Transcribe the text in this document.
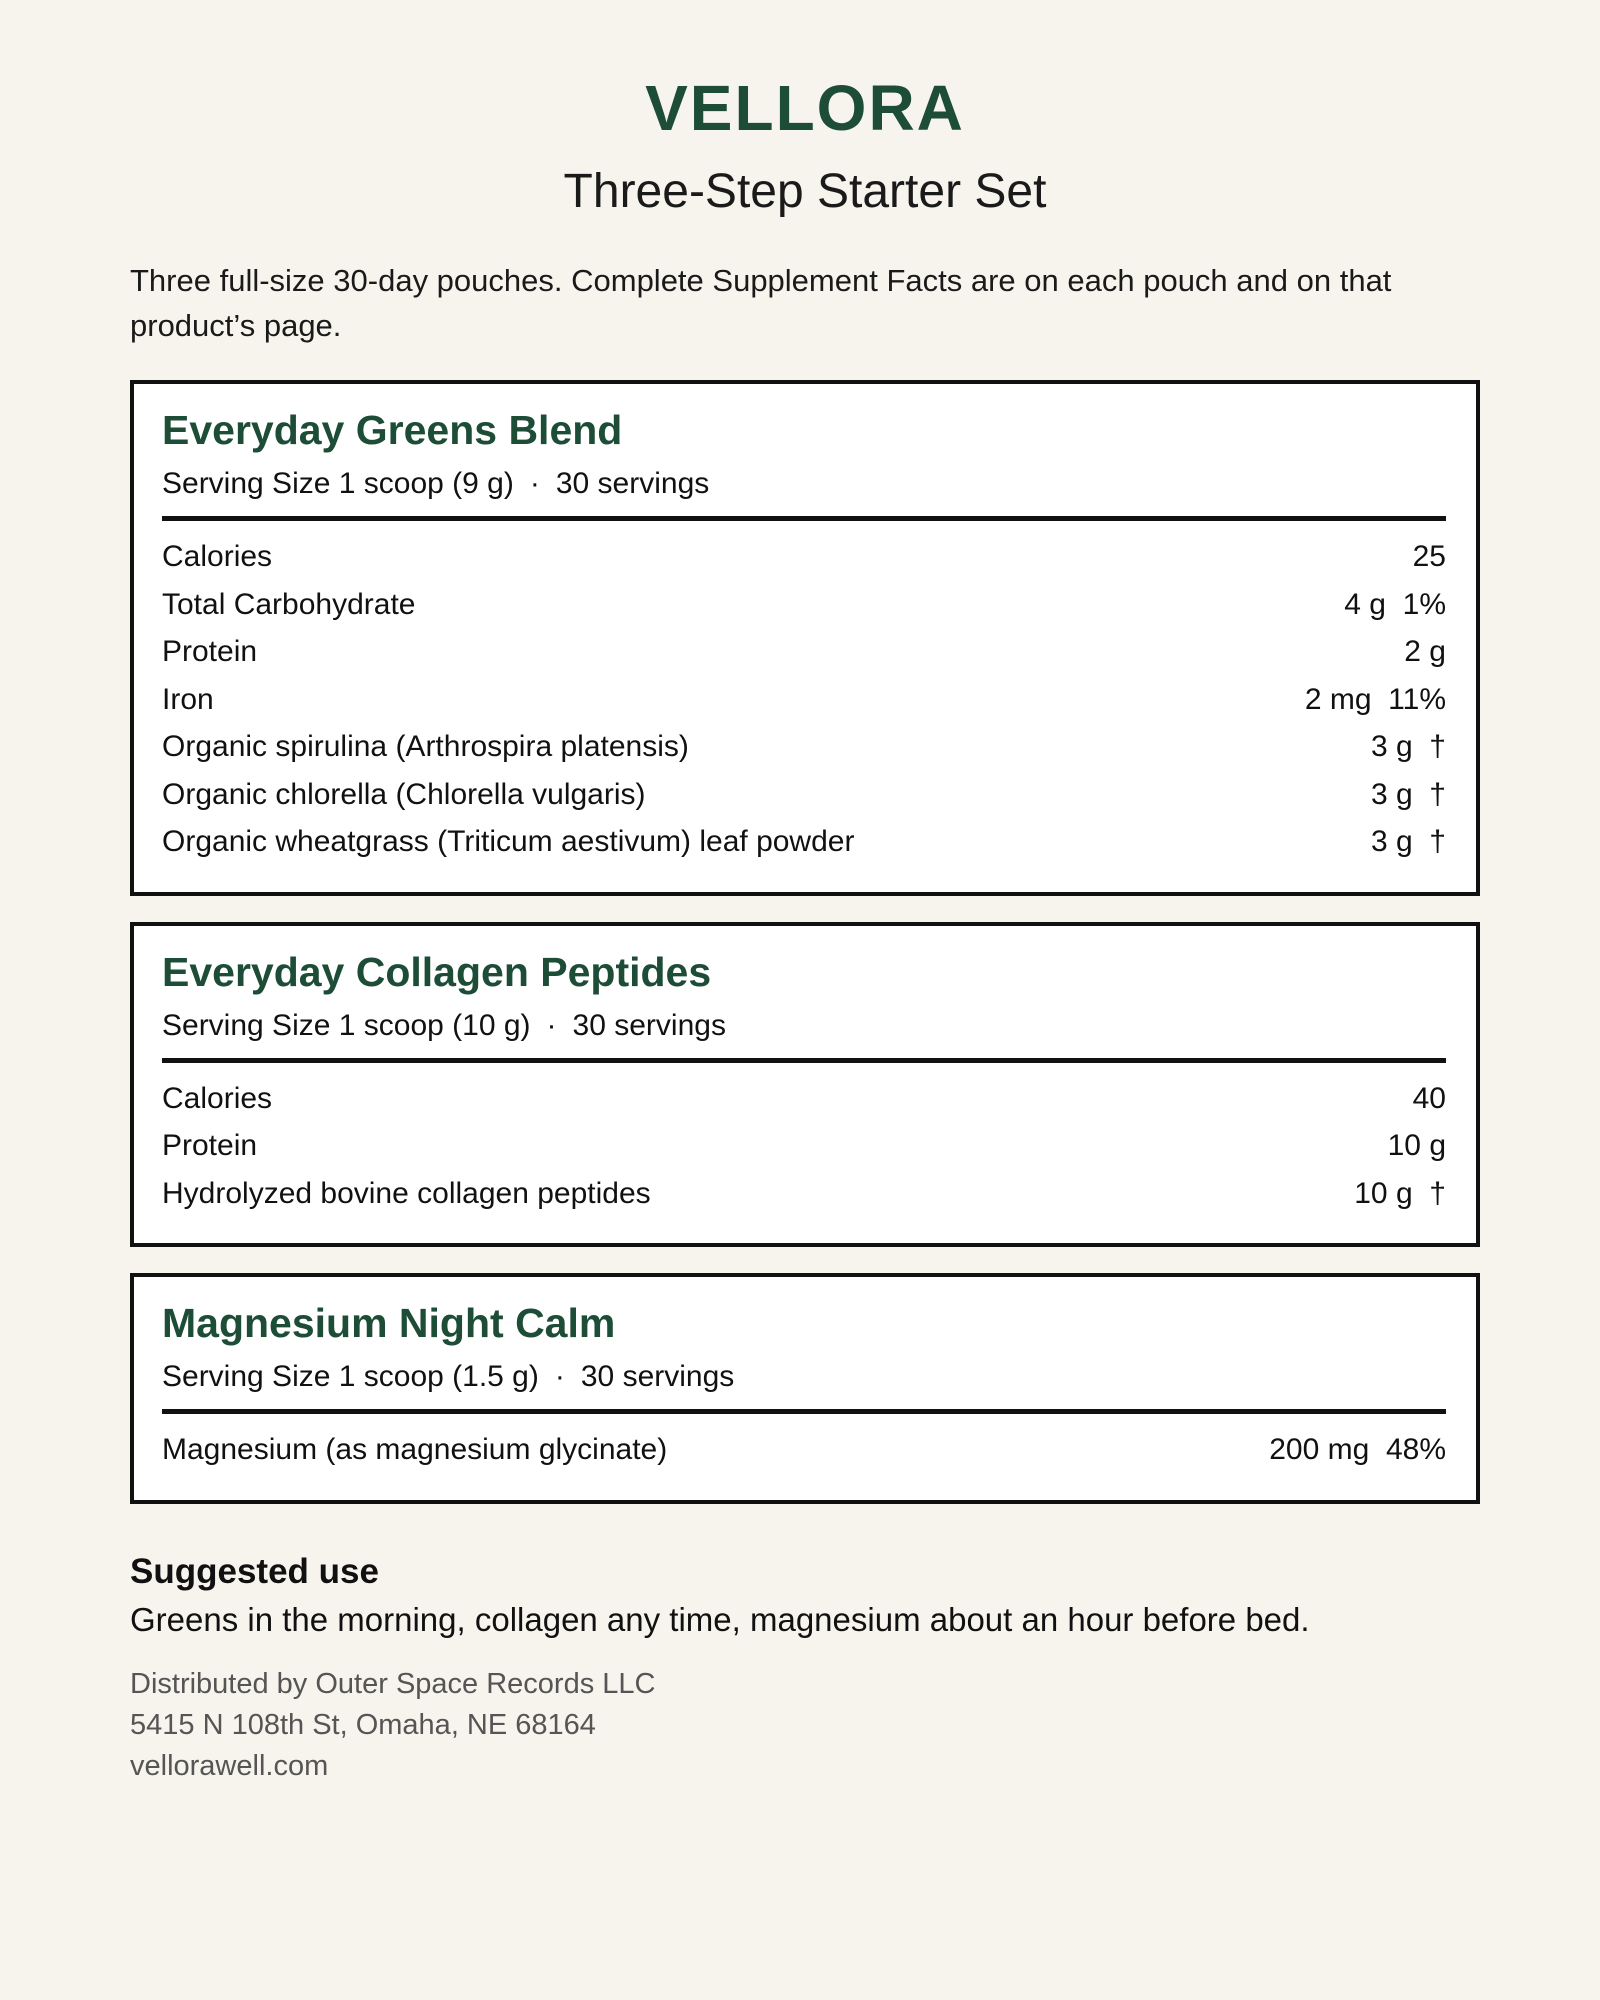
VELLORA
Three-Step Starter Set
Three full-size 30-day pouches. Complete Supplement Facts are on each pouch and on that product’s page.
Everyday Greens Blend
Serving Size 1 scoop (9 g) · 30 servings
Calories	25
Total Carbohydrate	4 g  1%
Protein	2 g
Iron	2 mg  11%
Organic spirulina (Arthrospira platensis)	3 g  †
Organic chlorella (Chlorella vulgaris)	3 g  †
Organic wheatgrass (Triticum aestivum) leaf powder	3 g  †
Everyday Collagen Peptides
Serving Size 1 scoop (10 g) · 30 servings
Calories	40
Protein	10 g
Hydrolyzed bovine collagen peptides	10 g  †
Magnesium Night Calm
Serving Size 1 scoop (1.5 g) · 30 servings
Magnesium (as magnesium glycinate)	200 mg  48%
Suggested use
Greens in the morning, collagen any time, magnesium about an hour before bed.
Distributed by Outer Space Records LLC
5415 N 108th St, Omaha, NE 68164
vellorawell.com
